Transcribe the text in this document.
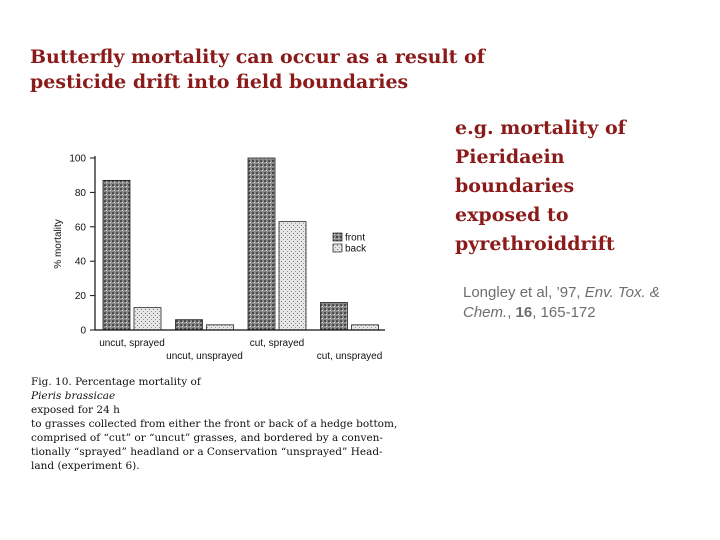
Butterfly mortality can occur as a result of
pesticide drift into field boundaries
e.g. mortality of
Pieridaein
boundaries
exposed to
pyrethroiddrift
Longley et al, ’97, Env. Tox. & Chem., 16, 165-172
% mortality
0
20
40
60
80
100
uncut, sprayed
uncut, unsprayed
cut, sprayed
cut, unsprayed
front
back
Fig. 10. Percentage mortality of
Pieris brassicae
exposed for 24 h
to grasses collected from either the front or back of a hedge bottom,
comprised of “cut” or “uncut” grasses, and bordered by a conven-
tionally “sprayed” headland or a Conservation “unsprayed” Head-
land (experiment 6).
